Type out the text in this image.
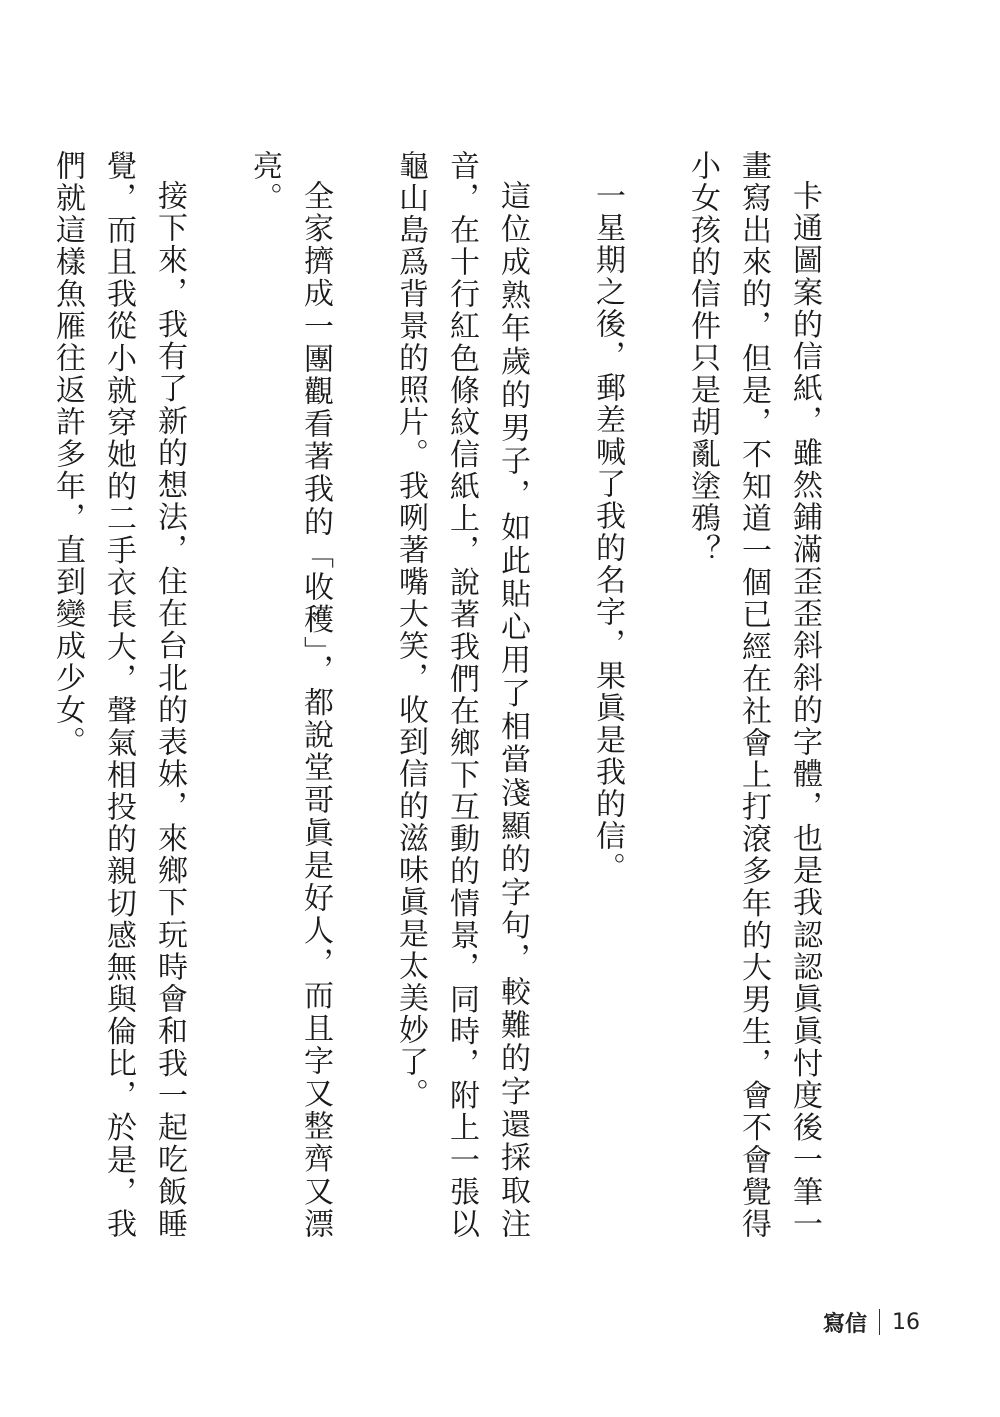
卡通圖案的信紙，雖然鋪滿歪歪斜斜的字體，也是我認認眞眞忖度後一筆一畫寫出來的，但是，不知道一個已經在社會上打滾多年的大男生，會不會覺得小女孩的信件只是胡亂塗鴉？

一星期之後，郵差喊了我的名字，果眞是我的信。

這位成熟年歲的男子，如此貼心用了相當淺顯的字句，較難的字還採取注音，在十行紅色條紋信紙上，說著我們在鄉下互動的情景，同時，附上一張以龜山島爲背景的照片。我咧著嘴大笑，收到信的滋味眞是太美妙了。

全家擠成一團觀看著我的「收穫」，都說堂哥眞是好人，而且字又整齊又漂亮。

接下來，我有了新的想法，住在台北的表妹，來鄉下玩時會和我一起吃飯睡覺，而且我從小就穿她的二手衣長大，聲氣相投的親切感無與倫比，於是，我們就這樣魚雁往返許多年，直到變成少女。

寫信 16
